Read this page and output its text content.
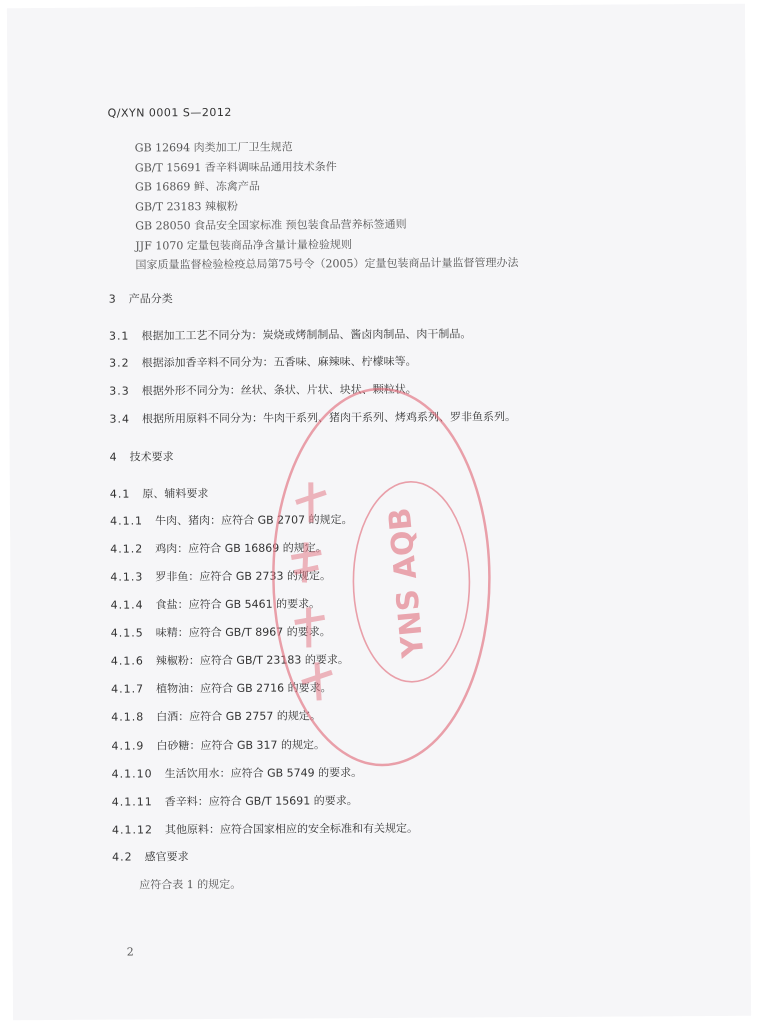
Q/XYN 0001 S—2012
GB 12694 肉类加工厂卫生规范
GB/T 15691 香辛料调味品通用技术条件
GB 16869 鲜、冻禽产品
GB/T 23183 辣椒粉
GB 28050 食品安全国家标准 预包装食品营养标签通则
JJF 1070 定量包装商品净含量计量检验规则
国家质量监督检验检疫总局第75号令（2005）定量包装商品计量监督管理办法
3 产品分类
3.1 根据加工工艺不同分为：炭烧或烤制制品、酱卤肉制品、肉干制品。
3.2 根据添加香辛料不同分为：五香味、麻辣味、柠檬味等。
3.3 根据外形不同分为：丝状、条状、片状、块状、颗粒状。
3.4 根据所用原料不同分为：牛肉干系列、猪肉干系列、烤鸡系列、罗非鱼系列。
4 技术要求
4.1 原、辅料要求
4.1.1 牛肉、猪肉：应符合 GB 2707 的规定。
4.1.2 鸡肉：应符合 GB 16869 的规定。
4.1.3 罗非鱼：应符合 GB 2733 的规定。
4.1.4 食盐：应符合 GB 5461 的要求。
4.1.5 味精：应符合 GB/T 8967 的要求。
4.1.6 辣椒粉：应符合 GB/T 23183 的要求。
4.1.7 植物油：应符合 GB 2716 的要求。
4.1.8 白酒：应符合 GB 2757 的规定。
4.1.9 白砂糖：应符合 GB 317 的规定。
4.1.10 生活饮用水：应符合 GB 5749 的要求。
4.1.11 香辛料：应符合 GB/T 15691 的要求。
4.1.12 其他原料：应符合国家相应的安全标准和有关规定。
4.2 感官要求
应符合表 1 的规定。
2
YNS AQB
